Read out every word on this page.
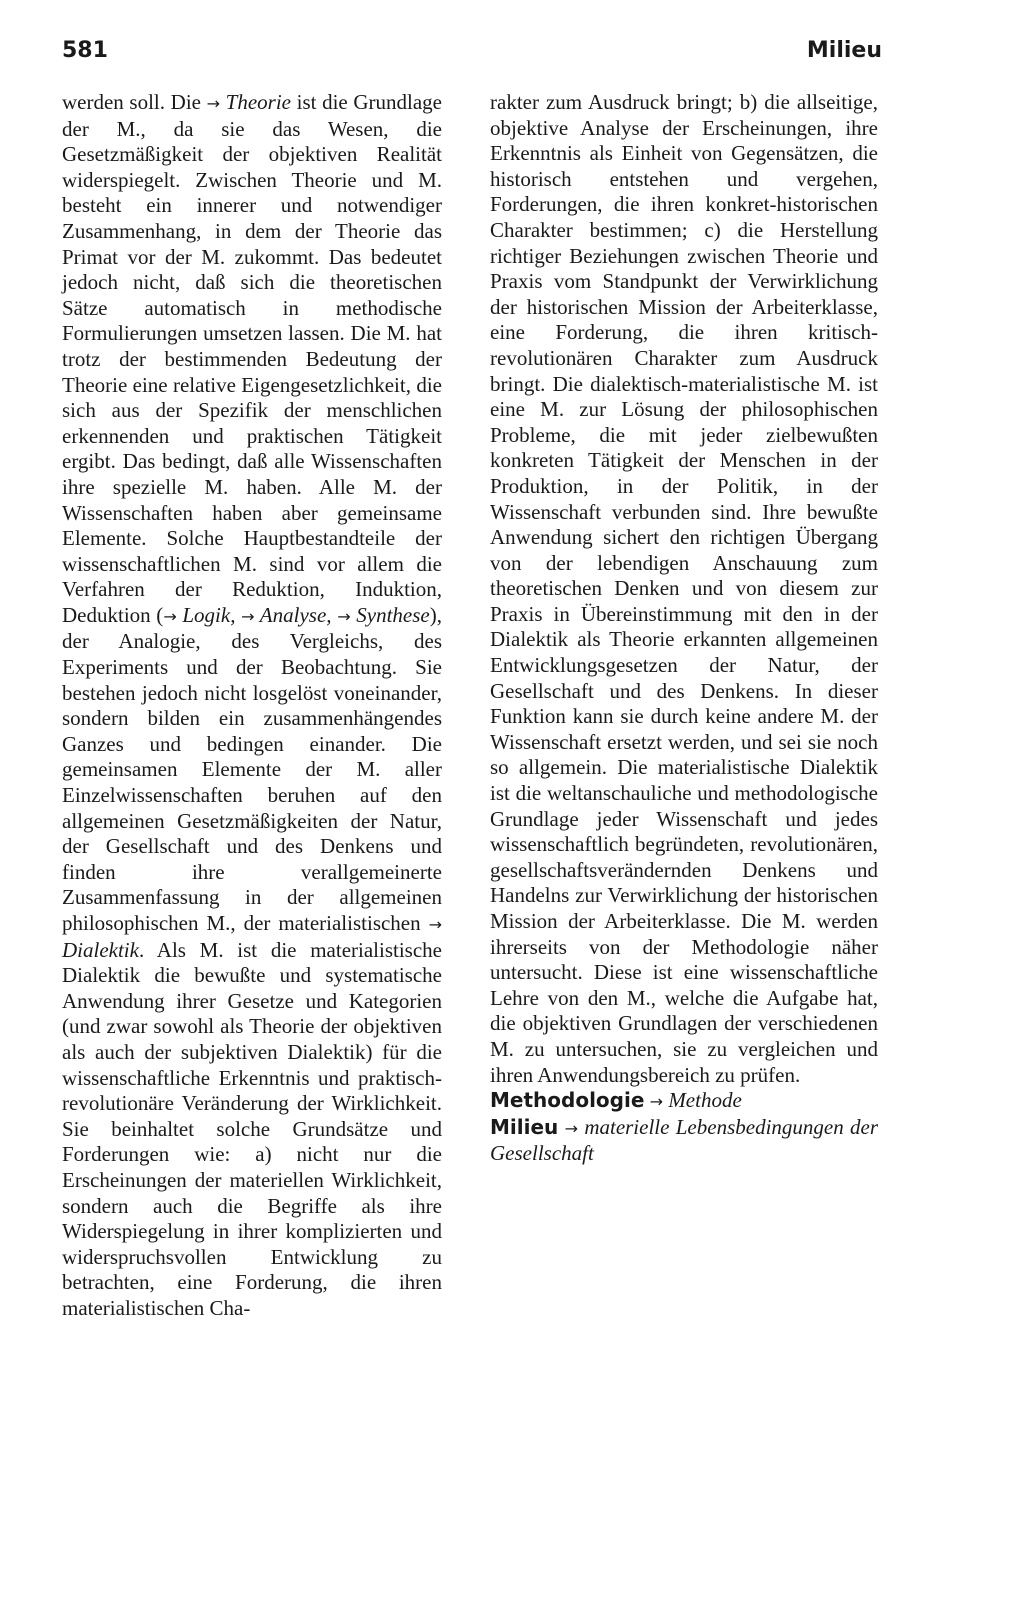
581	Milieu

werden soll. Die → Theorie ist die Grundlage der M., da sie das Wesen, die Gesetzmäßigkeit der objektiven Realität widerspiegelt. Zwischen Theorie und M. besteht ein innerer und notwendiger Zusammenhang, in dem der Theorie das Primat vor der M. zukommt. Das bedeutet jedoch nicht, daß sich die theoretischen Sätze automatisch in methodische Formulierungen umsetzen lassen. Die M. hat trotz der bestimmenden Bedeutung der Theorie eine relative Eigengesetzlichkeit, die sich aus der Spezifik der menschlichen erkennenden und praktischen Tätigkeit ergibt. Das bedingt, daß alle Wissenschaften ihre spezielle M. haben. Alle M. der Wissenschaften haben aber gemeinsame Elemente. Solche Hauptbestandteile der wissenschaftlichen M. sind vor allem die Verfahren der Reduktion, Induktion, Deduktion (→ Logik, → Analyse, → Synthese), der Analogie, des Vergleichs, des Experiments und der Beobachtung. Sie bestehen jedoch nicht losgelöst voneinander, sondern bilden ein zusammenhängendes Ganzes und bedingen einander. Die gemeinsamen Elemente der M. aller Einzelwissenschaften beruhen auf den allgemeinen Gesetzmäßigkeiten der Natur, der Gesellschaft und des Denkens und finden ihre verallgemeinerte Zusammenfassung in der allgemeinen philosophischen M., der materialistischen → Dialektik. Als M. ist die materialistische Dialektik die bewußte und systematische Anwendung ihrer Gesetze und Kategorien (und zwar sowohl als Theorie der objektiven als auch der subjektiven Dialektik) für die wissenschaftliche Erkenntnis und praktisch-revolutionäre Veränderung der Wirklichkeit. Sie beinhaltet solche Grundsätze und Forderungen wie: a) nicht nur die Erscheinungen der materiellen Wirklichkeit, sondern auch die Begriffe als ihre Widerspiegelung in ihrer komplizierten und widerspruchsvollen Entwicklung zu betrachten, eine Forderung, die ihren materialistischen Cha-

rakter zum Ausdruck bringt; b) die allseitige, objektive Analyse der Erscheinungen, ihre Erkenntnis als Einheit von Gegensätzen, die historisch entstehen und vergehen, Forderungen, die ihren konkret-historischen Charakter bestimmen; c) die Herstellung richtiger Beziehungen zwischen Theorie und Praxis vom Standpunkt der Verwirklichung der historischen Mission der Arbeiterklasse, eine Forderung, die ihren kritisch-revolutionären Charakter zum Ausdruck bringt. Die dialektisch-materialistische M. ist eine M. zur Lösung der philosophischen Probleme, die mit jeder zielbewußten konkreten Tätigkeit der Menschen in der Produktion, in der Politik, in der Wissenschaft verbunden sind. Ihre bewußte Anwendung sichert den richtigen Übergang von der lebendigen Anschauung zum theoretischen Denken und von diesem zur Praxis in Übereinstimmung mit den in der Dialektik als Theorie erkannten allgemeinen Entwicklungsgesetzen der Natur, der Gesellschaft und des Denkens. In dieser Funktion kann sie durch keine andere M. der Wissenschaft ersetzt werden, und sei sie noch so allgemein. Die materialistische Dialektik ist die weltanschauliche und methodologische Grundlage jeder Wissenschaft und jedes wissenschaftlich begründeten, revolutionären, gesellschaftsverändernden Denkens und Handelns zur Verwirklichung der historischen Mission der Arbeiterklasse. Die M. werden ihrerseits von der Methodologie näher untersucht. Diese ist eine wissenschaftliche Lehre von den M., welche die Aufgabe hat, die objektiven Grundlagen der verschiedenen M. zu untersuchen, sie zu vergleichen und ihren Anwendungsbereich zu prüfen.

Methodologie → Methode

Milieu → materielle Lebensbedingungen der Gesellschaft
